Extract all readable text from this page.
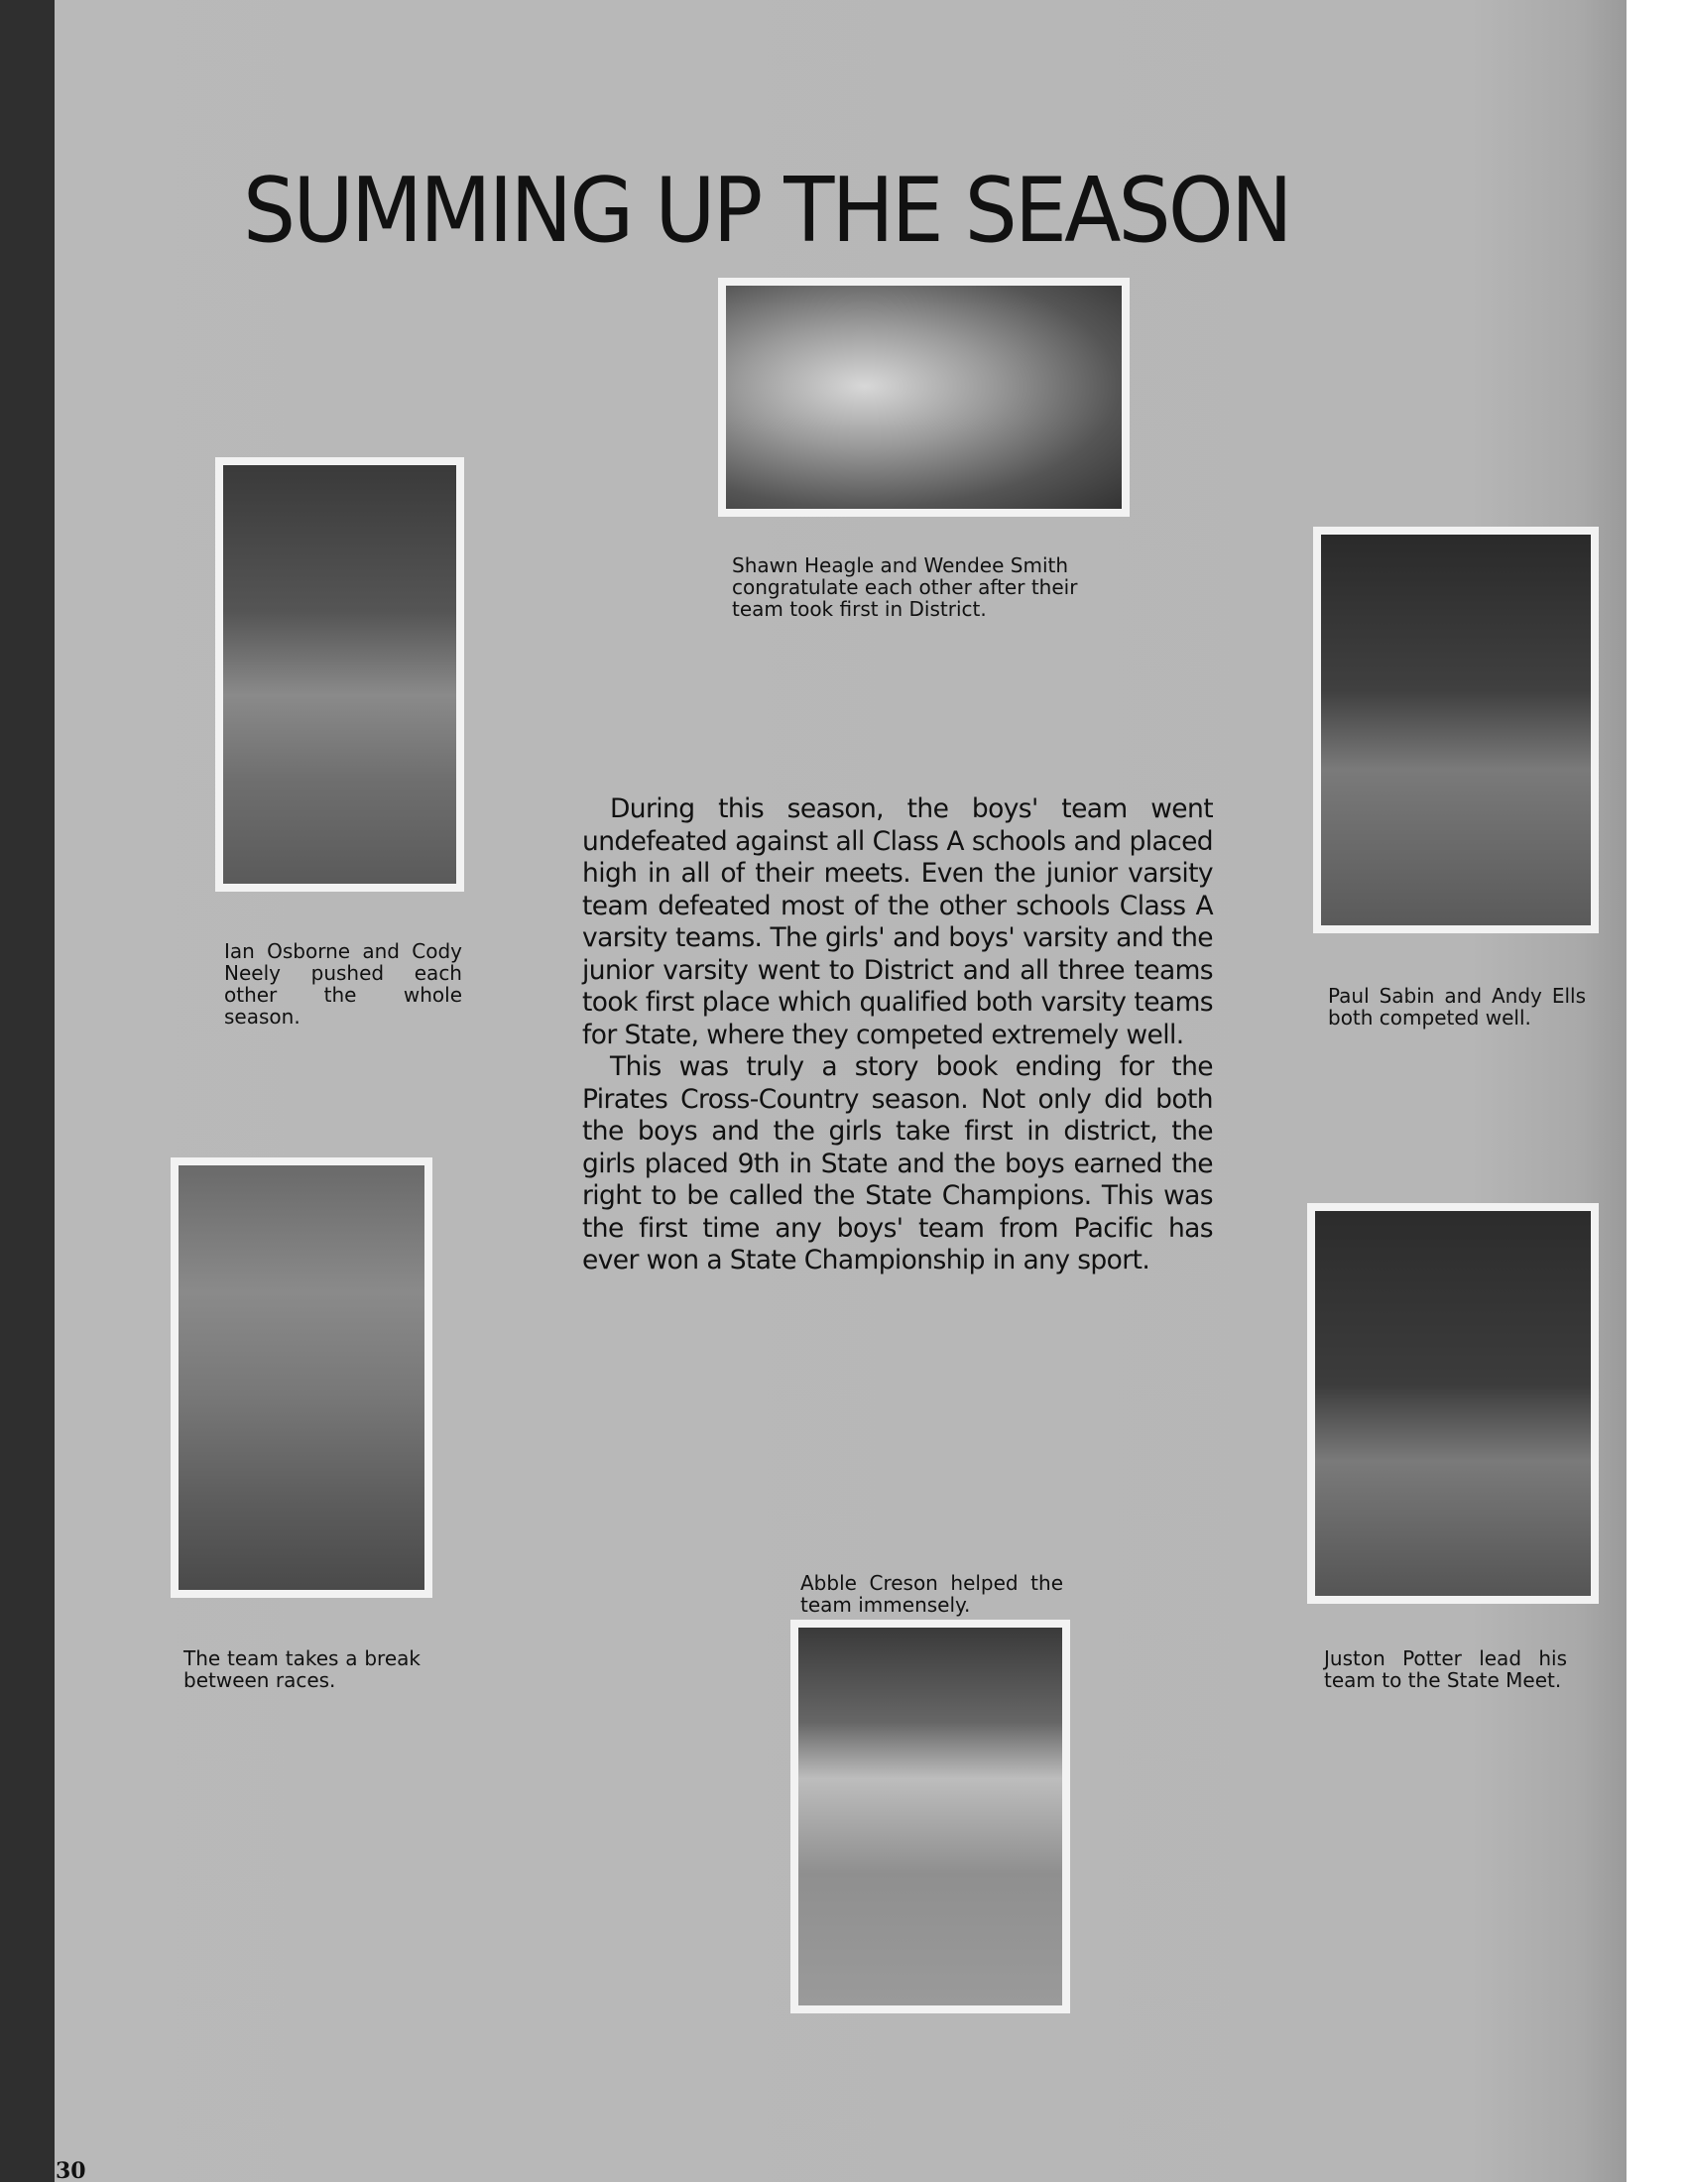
SUMMING UP THE SEASON
Shawn Heagle and Wendee Smith congratulate each other after their team took first in District.
Ian Osborne and Cody Neely pushed each other the whole season.
Paul Sabin and Andy Ells both competed well.

During this season, the boys' team went undefeated against all Class A schools and placed high in all of their meets. Even the junior varsity team defeated most of the other schools Class A varsity teams. The girls' and boys' varsity and the junior varsity went to District and all three teams took first place which qualified both varsity teams for State, where they competed extremely well.

This was truly a story book ending for the Pirates Cross-Country season. Not only did both the boys and the girls take first in district, the girls placed 9th in State and the boys earned the right to be called the State Champions. This was the first time any boys' team from Pacific has ever won a State Championship in any sport.

The team takes a break between races.
Juston Potter lead his team to the State Meet.
Abble Creson helped the team immensely.
30
